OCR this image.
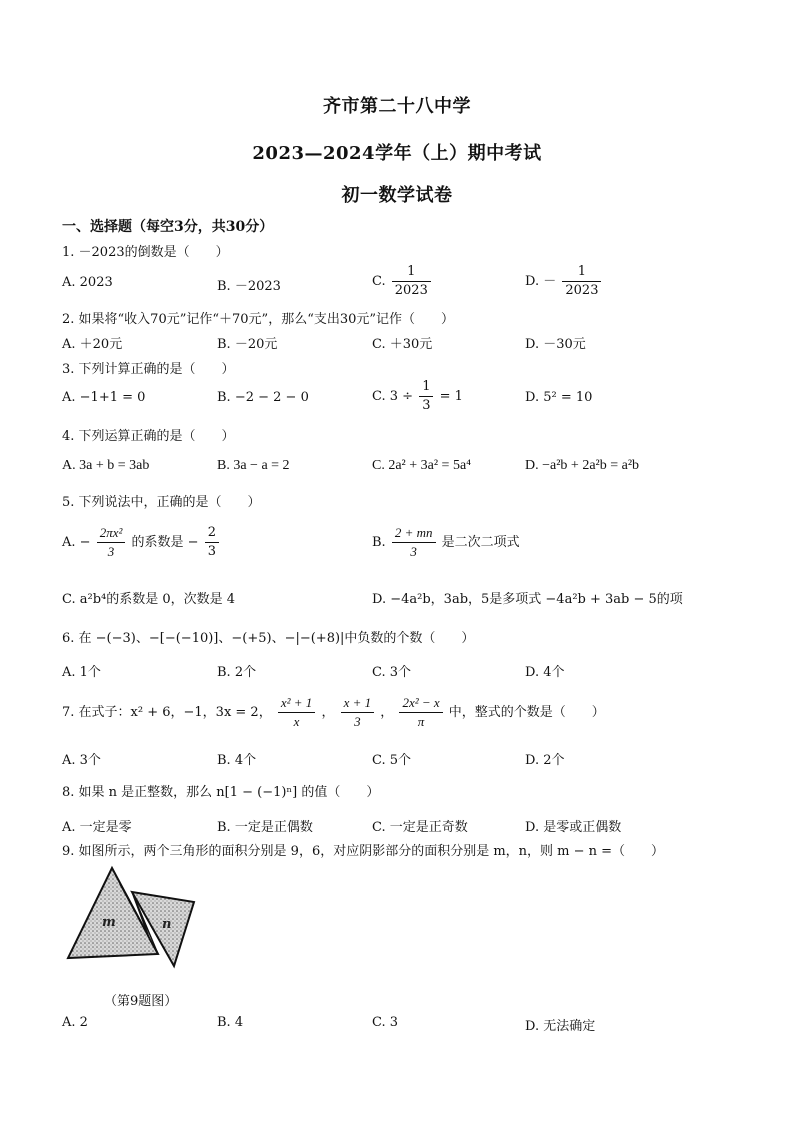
齐市第二十八中学
2023—2024学年（上）期中考试
初一数学试卷
一、选择题（每空3分，共30分）
1. －2023的倒数是（　　）
A. 2023	B. －2023	C. $\frac{1}{2023}$	D. － $\frac{1}{2023}$
2. 如果将“收入70元”记作“＋70元”，那么“支出30元”记作（　　）
A. ＋20元	B. －20元	C. ＋30元	D. －30元
3. 下列计算正确的是（　　）
A. −1+1 = 0	B. −2 − 2 − 0	C. $3 \div \frac{1}{3} = 1$	D. 5² = 10
4. 下列运算正确的是（　　）
A. 3a + b = 3ab	B. 3a − a = 2	C. 2a² + 3a² = 5a⁴	D. −a²b + 2a²b = a²b
5. 下列说法中，正确的是（　　）
A. − $\frac{\text{2πx²}}{3}$ 的系数是 − $\frac{2}{3}$	B. $\frac{2 + mn}{3}$ 是二次二项式
C. a²b⁴的系数是 0，次数是 4	D. −4a²b，3ab，5是多项式 −4a²b + 3ab − 5的项
6. 在 −(−3)、−[−(−10)]、−(+5)、−|−(+8)|中负数的个数（　　）
A. 1个	B. 2个	C. 3个	D. 4个
7. 在式子：x² + 6，−1，3x = 2， $\frac{\text{x² + 1}}{x}$ ， $\frac{x + 1}{3}$ ， $\frac{\text{2x² − x}}{\pi}$ 中，整式的个数是（　　）
A. 3个	B. 4个	C. 5个	D. 2个
8. 如果 n 是正整数，那么 n[1 − (−1)ⁿ] 的值（　　）
A. 一定是零	B. 一定是正偶数	C. 一定是正奇数	D. 是零或正偶数
9. 如图所示，两个三角形的面积分别是 9，6，对应阴影部分的面积分别是 m，n，则 m − n =（　　）
m	n
（第9题图）
A. 2	B. 4	C. 3	D. 无法确定
